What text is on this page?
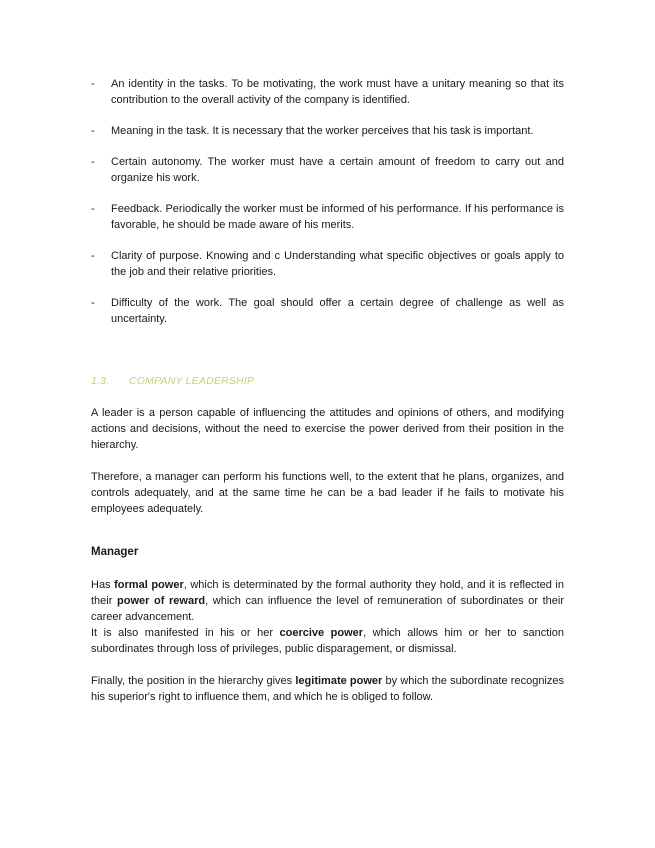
-	An identity in the tasks. To be motivating, the work must have a unitary meaning so that its contribution to the overall activity of the company is identified.
-	Meaning in the task. It is necessary that the worker perceives that his task is important.
-	Certain autonomy. The worker must have a certain amount of freedom to carry out and organize his work.
-	Feedback. Periodically the worker must be informed of his performance. If his performance is favorable, he should be made aware of his merits.
-	Clarity of purpose. Knowing and c Understanding what specific objectives or goals apply to the job and their relative priorities.
-	Difficulty of the work. The goal should offer a certain degree of challenge as well as uncertainty.
1.3. COMPANY LEADERSHIP
A leader is a person capable of influencing the attitudes and opinions of others, and modifying actions and decisions, without the need to exercise the power derived from their position in the hierarchy.
Therefore, a manager can perform his functions well, to the extent that he plans, organizes, and controls adequately, and at the same time he can be a bad leader if he fails to motivate his employees adequately.
Manager
Has formal power, which is determinated by the formal authority they hold, and it is reflected in their power of reward, which can influence the level of remuneration of subordinates or their career advancement.
It is also manifested in his or her coercive power, which allows him or her to sanction subordinates through loss of privileges, public disparagement, or dismissal.
Finally, the position in the hierarchy gives legitimate power by which the subordinate recognizes his superior's right to influence them, and which he is obliged to follow.
